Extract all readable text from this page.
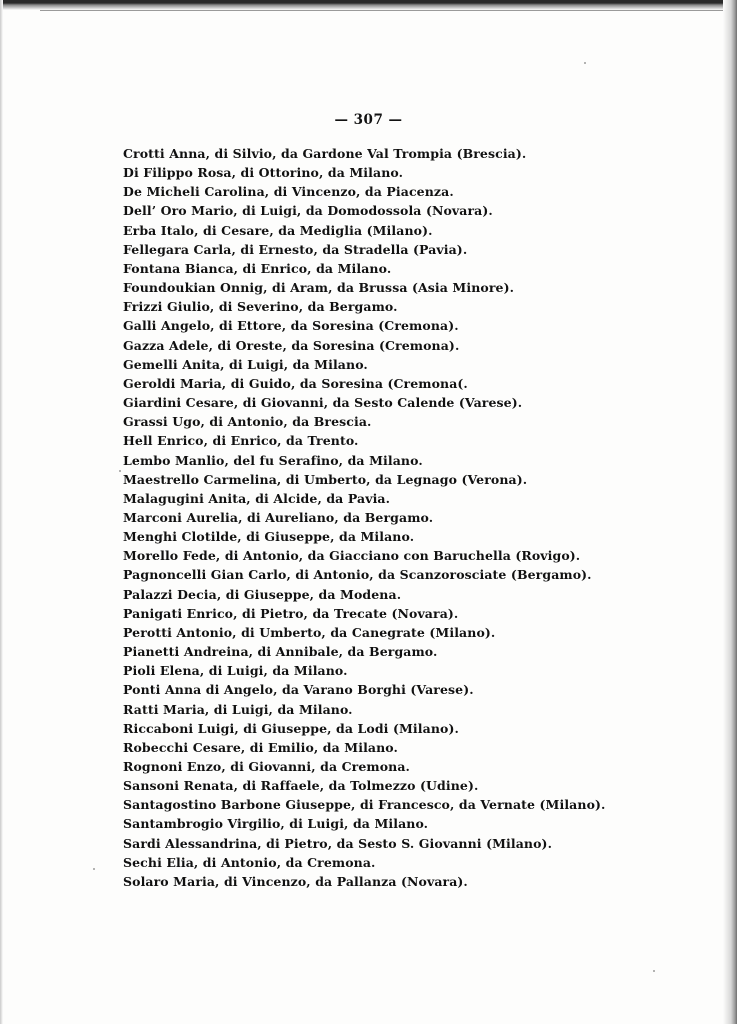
— 307 —
Crotti Anna, di Silvio, da Gardone Val Trompia (Brescia).
Di Filippo Rosa, di Ottorino, da Milano.
De Micheli Carolina, di Vincenzo, da Piacenza.
Dell’ Oro Mario, di Luigi, da Domodossola (Novara).
Erba Italo, di Cesare, da Mediglia (Milano).
Fellegara Carla, di Ernesto, da Stradella (Pavia).
Fontana Bianca, di Enrico, da Milano.
Foundoukian Onnig, di Aram, da Brussa (Asia Minore).
Frizzi Giulio, di Severino, da Bergamo.
Galli Angelo, di Ettore, da Soresina (Cremona).
Gazza Adele, di Oreste, da Soresina (Cremona).
Gemelli Anita, di Luigi, da Milano.
Geroldi Maria, di Guido, da Soresina (Cremona(.
Giardini Cesare, di Giovanni, da Sesto Calende (Varese).
Grassi Ugo, di Antonio, da Brescia.
Hell Enrico, di Enrico, da Trento.
Lembo Manlio, del fu Serafino, da Milano.
Maestrello Carmelina, di Umberto, da Legnago (Verona).
Malagugini Anita, di Alcide, da Pavia.
Marconi Aurelia, di Aureliano, da Bergamo.
Menghi Clotilde, di Giuseppe, da Milano.
Morello Fede, di Antonio, da Giacciano con Baruchella (Rovigo).
Pagnoncelli Gian Carlo, di Antonio, da Scanzorosciate (Bergamo).
Palazzi Decia, di Giuseppe, da Modena.
Panigati Enrico, di Pietro, da Trecate (Novara).
Perotti Antonio, di Umberto, da Canegrate (Milano).
Pianetti Andreina, di Annibale, da Bergamo.
Pioli Elena, di Luigi, da Milano.
Ponti Anna di Angelo, da Varano Borghi (Varese).
Ratti Maria, di Luigi, da Milano.
Riccaboni Luigi, di Giuseppe, da Lodi (Milano).
Robecchi Cesare, di Emilio, da Milano.
Rognoni Enzo, di Giovanni, da Cremona.
Sansoni Renata, di Raffaele, da Tolmezzo (Udine).
Santagostino Barbone Giuseppe, di Francesco, da Vernate (Milano).
Santambrogio Virgilio, di Luigi, da Milano.
Sardi Alessandrina, di Pietro, da Sesto S. Giovanni (Milano).
Sechi Elia, di Antonio, da Cremona.
Solaro Maria, di Vincenzo, da Pallanza (Novara).
